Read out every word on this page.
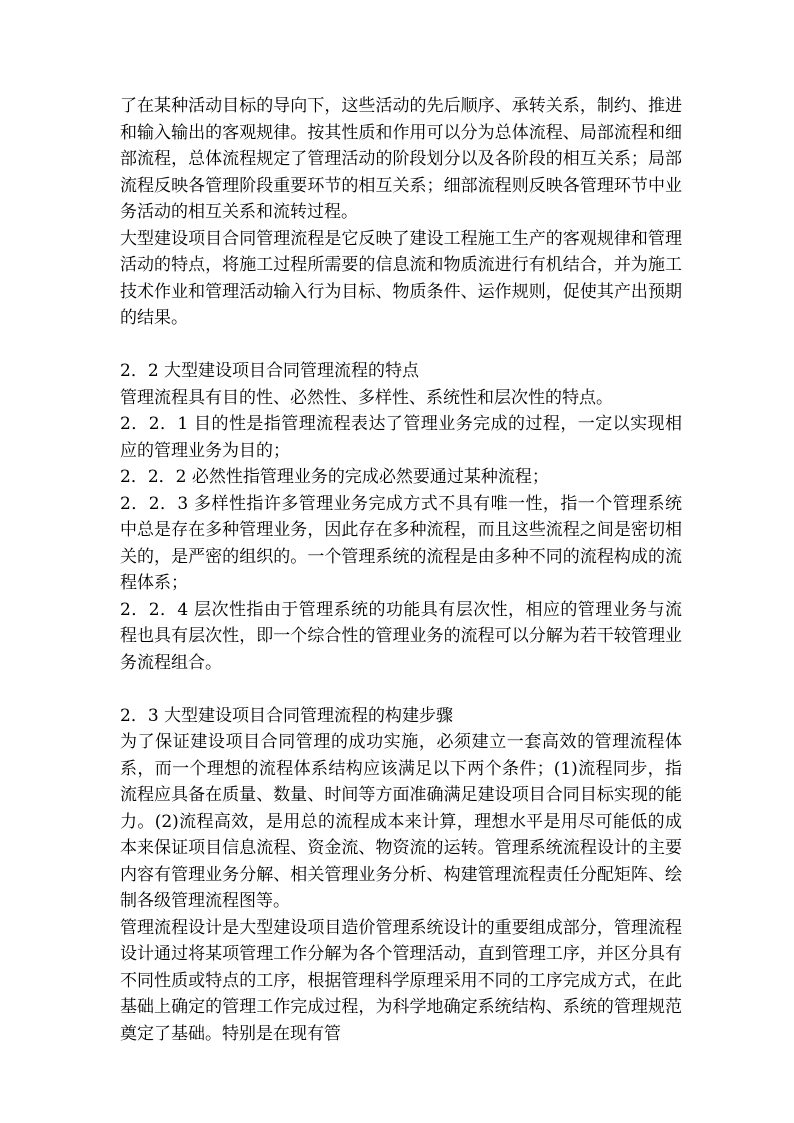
了在某种活动目标的导向下，这些活动的先后顺序、承转关系，制约、推进和输入输出的客观规律。按其性质和作用可以分为总体流程、局部流程和细部流程，总体流程规定了管理活动的阶段划分以及各阶段的相互关系；局部流程反映各管理阶段重要环节的相互关系；细部流程则反映各管理环节中业务活动的相互关系和流转过程。

大型建设项目合同管理流程是它反映了建设工程施工生产的客观规律和管理活动的特点，将施工过程所需要的信息流和物质流进行有机结合，并为施工技术作业和管理活动输入行为目标、物质条件、运作规则，促使其产出预期的结果。

2．2 大型建设项目合同管理流程的特点

管理流程具有目的性、必然性、多样性、系统性和层次性的特点。

2．2．1 目的性是指管理流程表达了管理业务完成的过程，一定以实现相应的管理业务为目的；

2．2．2 必然性指管理业务的完成必然要通过某种流程；

2．2．3 多样性指许多管理业务完成方式不具有唯一性，指一个管理系统中总是存在多种管理业务，因此存在多种流程，而且这些流程之间是密切相关的，是严密的组织的。一个管理系统的流程是由多种不同的流程构成的流程体系；

2．2．4 层次性指由于管理系统的功能具有层次性，相应的管理业务与流程也具有层次性，即一个综合性的管理业务的流程可以分解为若干较管理业务流程组合。

2．3 大型建设项目合同管理流程的构建步骤

为了保证建设项目合同管理的成功实施，必须建立一套高效的管理流程体系，而一个理想的流程体系结构应该满足以下两个条件；(1)流程同步，指流程应具备在质量、数量、时间等方面准确满足建设项目合同目标实现的能力。(2)流程高效，是用总的流程成本来计算，理想水平是用尽可能低的成本来保证项目信息流程、资金流、物资流的运转。管理系统流程设计的主要内容有管理业务分解、相关管理业务分析、构建管理流程责任分配矩阵、绘制各级管理流程图等。

管理流程设计是大型建设项目造价管理系统设计的重要组成部分，管理流程设计通过将某项管理工作分解为各个管理活动，直到管理工序，并区分具有不同性质或特点的工序，根据管理科学原理采用不同的工序完成方式，在此基础上确定的管理工作完成过程，为科学地确定系统结构、系统的管理规范奠定了基础。特别是在现有管
